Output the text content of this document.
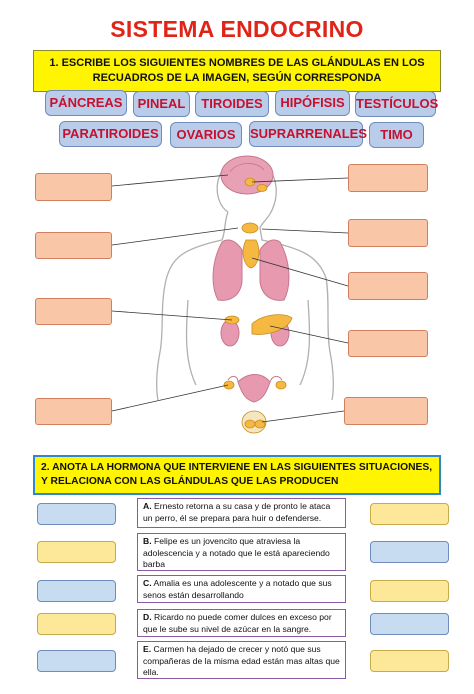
SISTEMA ENDOCRINO
1. ESCRIBE LOS SIGUIENTES NOMBRES DE LAS GLÁNDULAS EN LOS RECUADROS DE LA IMAGEN, SEGÚN CORRESPONDA
PÁNCREAS	PINEAL	TIROIDES	HIPÓFISIS TESTÍCULOS
PARATIROIDES	OVARIOS	SUPRARRENALES	TIMO
2. ANOTA LA HORMONA QUE INTERVIENE EN LAS SIGUIENTES SITUACIONES, Y RELACIONA CON LAS GLÁNDULAS QUE LAS PRODUCEN
A. Ernesto retorna a su casa y de pronto le ataca un perro, él se prepara para huir o defenderse.
B. Felipe es un jovencito que atraviesa la adolescencia y a notado que le está apareciendo barba
C. Amalia es una adolescente y a notado que sus senos están desarrollando
D. Ricardo no puede comer dulces en exceso por que le sube su nivel de azúcar en la sangre.
E. Carmen ha dejado de crecer y notó que sus compañeras de la misma edad están mas altas que ella.
